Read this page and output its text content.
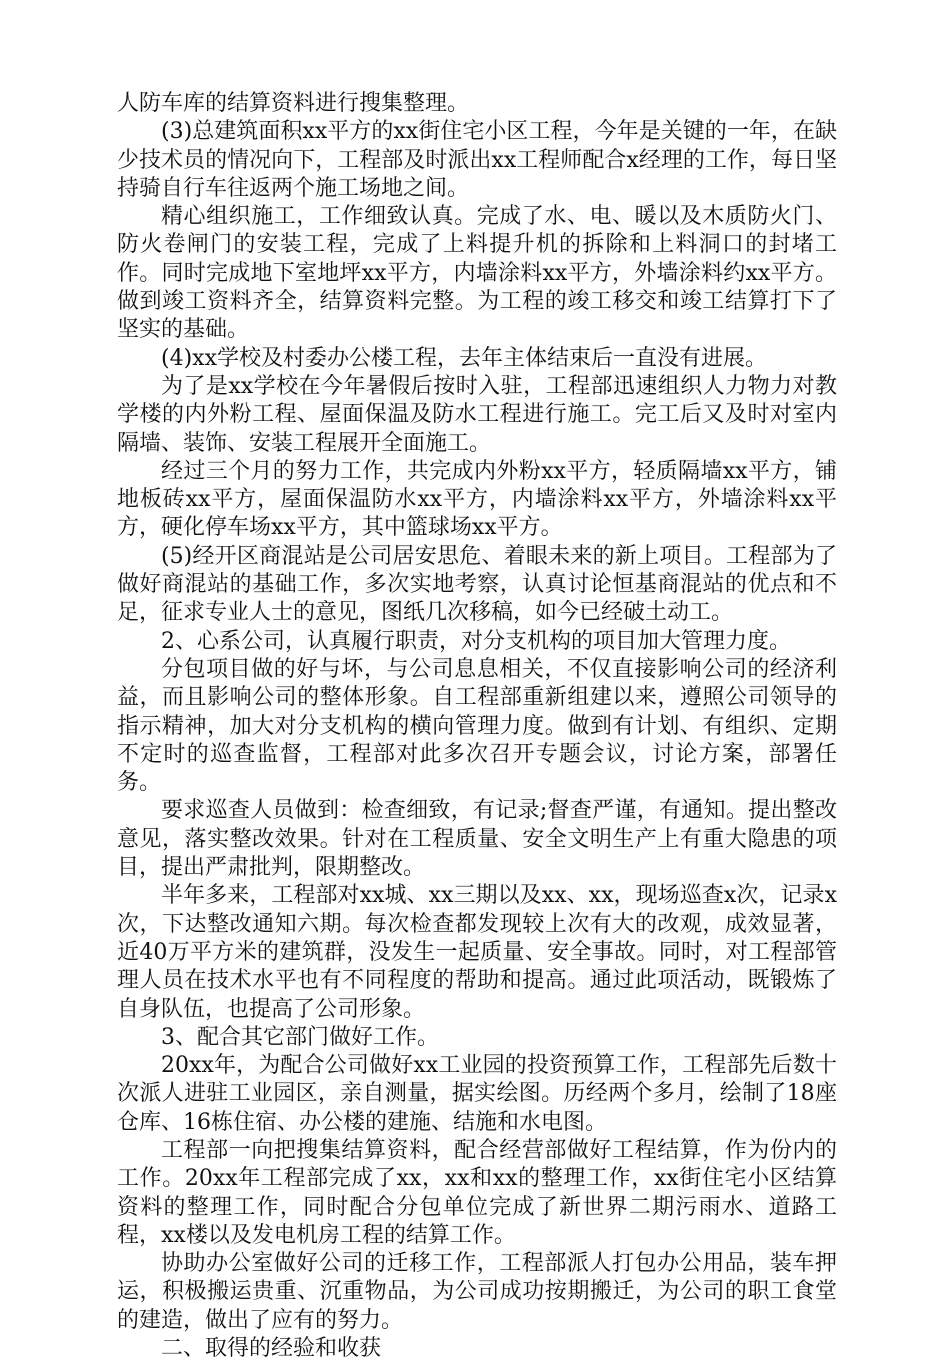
人防车库的结算资料进行搜集整理。

(3)总建筑面积xx平方的xx街住宅小区工程，今年是关键的一年，在缺少技术员的情况向下，工程部及时派出xx工程师配合x经理的工作，每日坚持骑自行车往返两个施工场地之间。

精心组织施工，工作细致认真。完成了水、电、暖以及木质防火门、防火卷闸门的安装工程，完成了上料提升机的拆除和上料洞口的封堵工作。同时完成地下室地坪xx平方，内墙涂料xx平方，外墙涂料约xx平方。做到竣工资料齐全，结算资料完整。为工程的竣工移交和竣工结算打下了坚实的基础。

(4)xx学校及村委办公楼工程，去年主体结束后一直没有进展。

为了是xx学校在今年暑假后按时入驻，工程部迅速组织人力物力对教学楼的内外粉工程、屋面保温及防水工程进行施工。完工后又及时对室内隔墙、装饰、安装工程展开全面施工。

经过三个月的努力工作，共完成内外粉xx平方，轻质隔墙xx平方，铺地板砖xx平方，屋面保温防水xx平方，内墙涂料xx平方，外墙涂料xx平方，硬化停车场xx平方，其中篮球场xx平方。

(5)经开区商混站是公司居安思危、着眼未来的新上项目。工程部为了做好商混站的基础工作，多次实地考察，认真讨论恒基商混站的优点和不足，征求专业人士的意见，图纸几次移稿，如今已经破土动工。

2、心系公司，认真履行职责，对分支机构的项目加大管理力度。

分包项目做的好与坏，与公司息息相关，不仅直接影响公司的经济利益，而且影响公司的整体形象。自工程部重新组建以来，遵照公司领导的指示精神，加大对分支机构的横向管理力度。做到有计划、有组织、定期不定时的巡查监督，工程部对此多次召开专题会议，讨论方案，部署任务。

要求巡查人员做到：检查细致，有记录;督查严谨，有通知。提出整改意见，落实整改效果。针对在工程质量、安全文明生产上有重大隐患的项目，提出严肃批判，限期整改。

半年多来，工程部对xx城、xx三期以及xx、xx，现场巡查x次，记录x次，下达整改通知六期。每次检查都发现较上次有大的改观，成效显著，近40万平方米的建筑群，没发生一起质量、安全事故。同时，对工程部管理人员在技术水平也有不同程度的帮助和提高。通过此项活动，既锻炼了自身队伍，也提高了公司形象。

3、配合其它部门做好工作。

20xx年，为配合公司做好xx工业园的投资预算工作，工程部先后数十次派人进驻工业园区，亲自测量，据实绘图。历经两个多月，绘制了18座仓库、16栋住宿、办公楼的建施、结施和水电图。

工程部一向把搜集结算资料，配合经营部做好工程结算，作为份内的工作。20xx年工程部完成了xx，xx和xx的整理工作，xx街住宅小区结算资料的整理工作，同时配合分包单位完成了新世界二期污雨水、道路工程，xx楼以及发电机房工程的结算工作。

协助办公室做好公司的迁移工作，工程部派人打包办公用品，装车押运，积极搬运贵重、沉重物品，为公司成功按期搬迁，为公司的职工食堂的建造，做出了应有的努力。

二、取得的经验和收获
